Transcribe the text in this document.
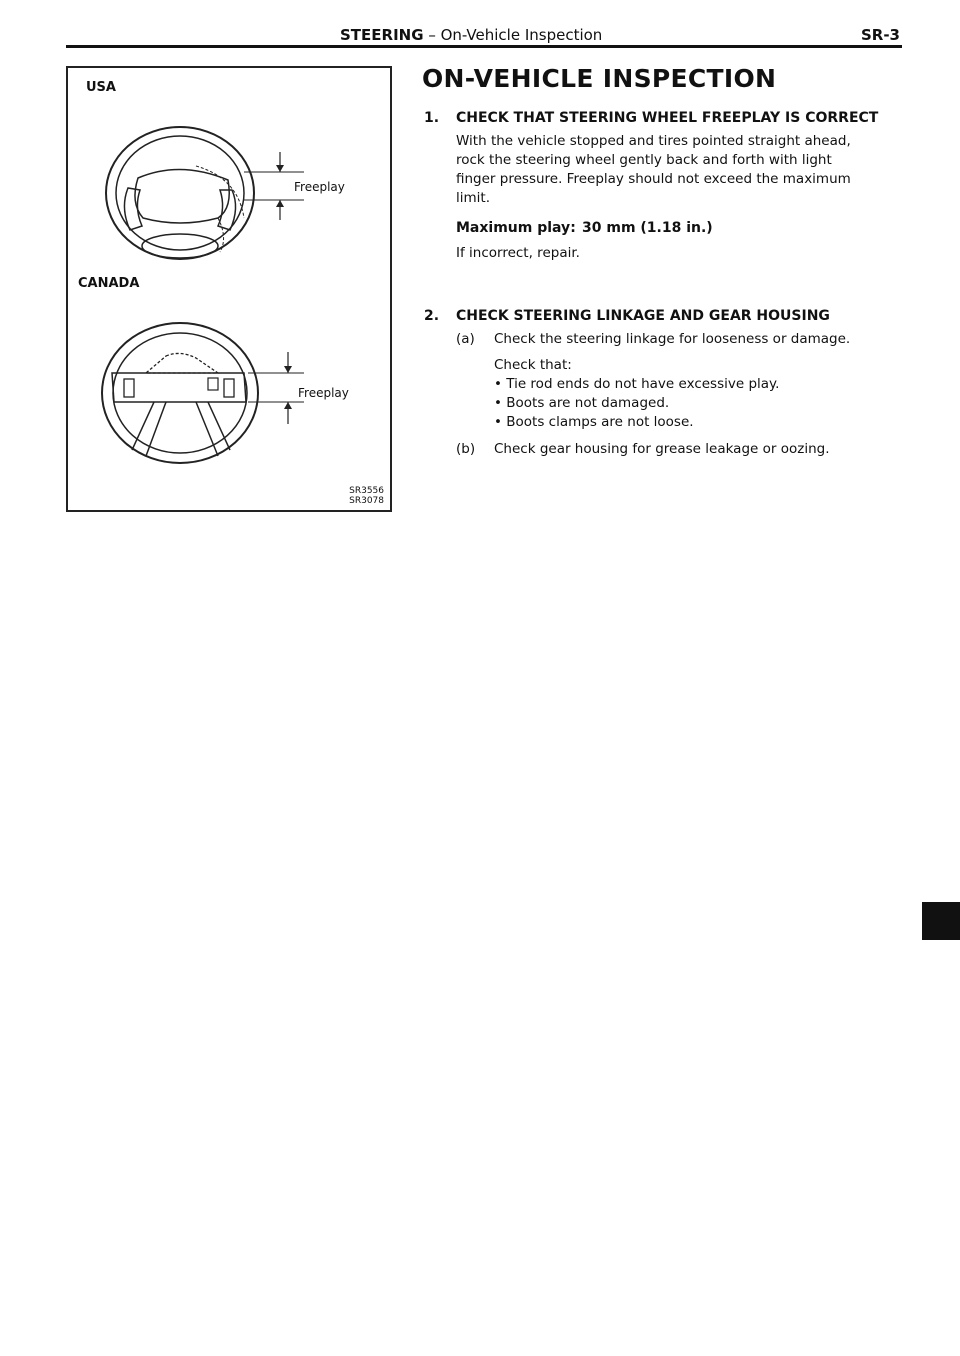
STEERING – On-Vehicle Inspection	SR-3
USA
Freeplay
CANADA
Freeplay
SR3556
SR3078
ON-VEHICLE INSPECTION
1. CHECK THAT STEERING WHEEL FREEPLAY IS CORRECT
With the vehicle stopped and tires pointed straight ahead,
rock the steering wheel gently back and forth with light
finger pressure. Freeplay should not exceed the maximum
limit.
Maximum play: 30 mm (1.18 in.)
If incorrect, repair.
2. CHECK STEERING LINKAGE AND GEAR HOUSING
(a) Check the steering linkage for looseness or damage.
Check that:
• Tie rod ends do not have excessive play.
• Boots are not damaged.
• Boots clamps are not loose.
(b) Check gear housing for grease leakage or oozing.
